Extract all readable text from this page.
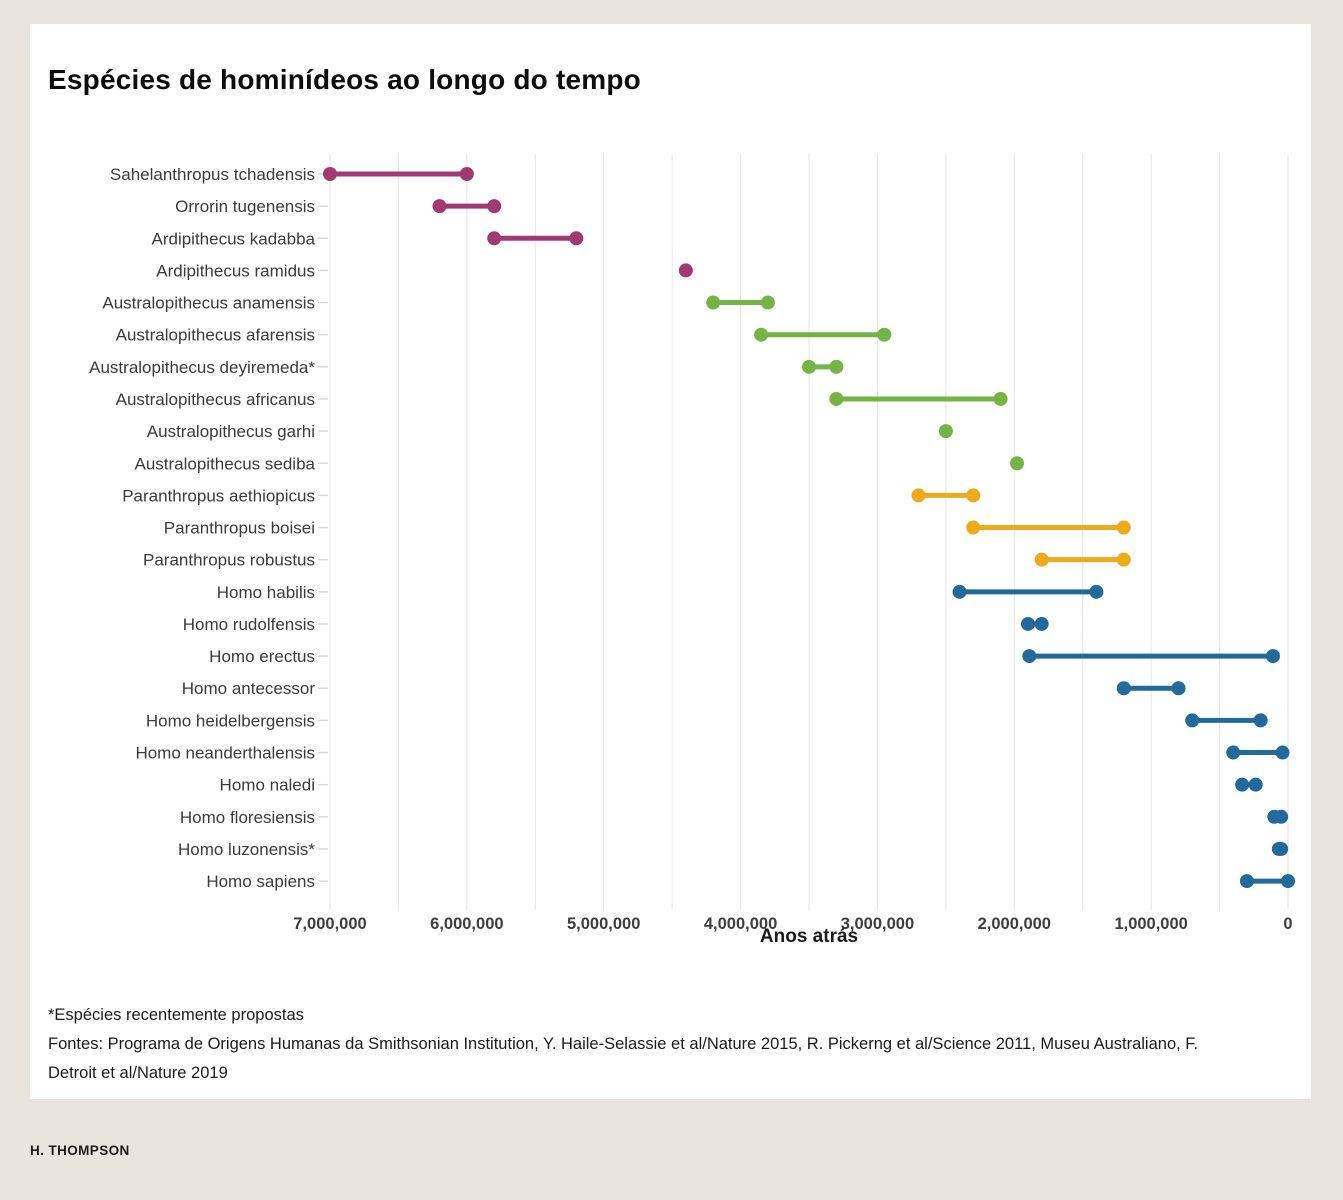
Espécies de hominídeos ao longo do tempo
Sahelanthropus tchadensis
Orrorin tugenensis
Ardipithecus kadabba
Ardipithecus ramidus
Australopithecus anamensis
Australopithecus afarensis
Australopithecus deyiremeda*
Australopithecus africanus
Australopithecus garhi
Australopithecus sediba
Paranthropus aethiopicus
Paranthropus boisei
Paranthropus robustus
Homo habilis
Homo rudolfensis
Homo erectus
Homo antecessor
Homo heidelbergensis
Homo neanderthalensis
Homo naledi
Homo floresiensis
Homo luzonensis*
Homo sapiens
7,000,000	6,000,000	5,000,000	4,000,000	3,000,000	2,000,000	1,000,000	0
Anos atrás

*Espécies recentemente propostas

Fontes: Programa de Origens Humanas da Smithsonian Institution, Y. Haile-Selassie et al/Nature 2015, R. Pickerng et al/Science 2011, Museu Australiano, F. Detroit et al/Nature 2019

H. THOMPSON
